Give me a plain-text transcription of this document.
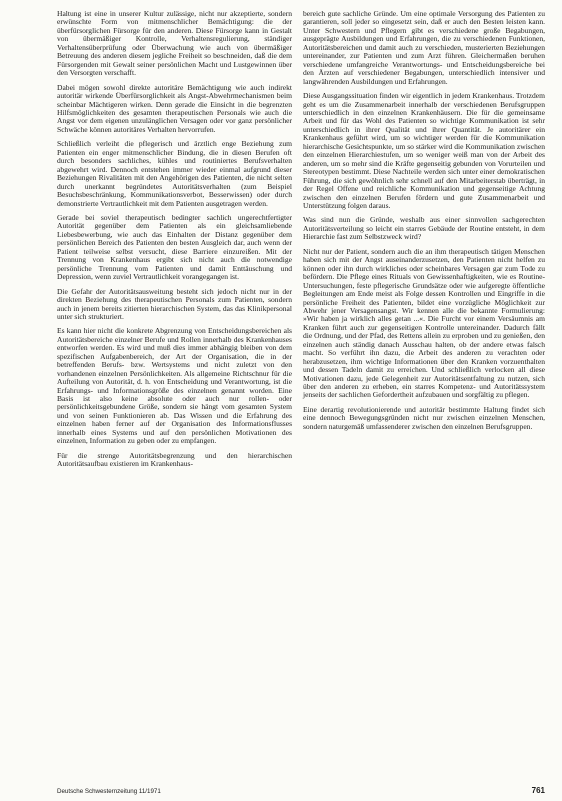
Haltung ist eine in unserer Kultur zulässige, nicht nur akzeptierte, sondern erwünschte Form von mitmenschlicher Bemächtigung: die der überfürsorglichen Fürsorge für den anderen. Diese Fürsorge kann in Gestalt von übermäßiger Kontrolle, Verhaltensregulierung, ständiger Verhaltensüberprüfung oder Überwachung wie auch von übermäßiger Betreuung des anderen diesem jegliche Freiheit so beschneiden, daß die dem Fürsorgenden mit Gewalt seiner persönlichen Macht und Lustgewinnen über den Versorgten verschafft.

Dabei mögen sowohl direkte autoritäre Bemächtigung wie auch indirekt autoritär wirkende Überfürsorglichkeit als Angst-Abwehrmechanismen beim scheinbar Mächtigeren wirken. Denn gerade die Einsicht in die begrenzten Hilfsmöglichkeiten des gesamten therapeutischen Personals wie auch die Angst vor dem eigenen unzulänglichen Versagen oder vor ganz persönlicher Schwäche können autoritäres Verhalten hervorrufen.

Schließlich verleiht die pflegerisch und ärztlich enge Beziehung zum Patienten ein enger mitmenschlicher Bindung, die in diesen Berufen oft durch besonders sachliches, kühles und routiniertes Berufsverhalten abgewehrt wird. Dennoch entstehen immer wieder einmal aufgrund dieser Beziehungen Rivalitäten mit den Angehörigen des Patienten, die nicht selten durch unerkannt begründetes Autoritätsverhalten (zum Beispiel Besuchsbeschränkung, Kommunikationsverbot, Besserwissen) oder durch demonstrierte Vertrautlichkeit mit dem Patienten ausgetragen werden.

Gerade bei soviel therapeutisch bedingter sachlich ungerechtfertigter Autorität gegenüber dem Patienten als ein gleichsamliebende Liebesbewerbung, wie auch das Einhalten der Distanz gegenüber dem persönlichen Bereich des Patienten den besten Ausgleich dar, auch wenn der Patient teilweise selbst versucht, diese Barriere einzureißen. Mit der Trennung von Krankenhaus ergibt sich nicht auch die notwendige persönliche Trennung vom Patienten und damit Enttäuschung und Depression, wenn zuviel Vertrautlichkeit vorangegangen ist.

Die Gefahr der Autoritätsausweitung besteht sich jedoch nicht nur in der direkten Beziehung des therapeutischen Personals zum Patienten, sondern auch in jenem bereits zitierten hierarchischen System, das das Klinikpersonal unter sich strukturiert.

Es kann hier nicht die konkrete Abgrenzung von Entscheidungsbereichen als Autoritätsbereiche einzelner Berufe und Rollen innerhalb des Krankenhauses entworfen werden. Es wird und muß dies immer abhängig bleiben von dem spezifischen Aufgabenbereich, der Art der Organisation, die in der betreffenden Berufs- bzw. Wertsystems und nicht zuletzt von den vorhandenen einzelnen Persönlichkeiten. Als allgemeine Richtschnur für die Aufteilung von Autorität, d. h. von Entscheidung und Verantwortung, ist die Erfahrungs- und Informationsgröße des einzelnen genannt worden. Eine Basis ist also keine absolute oder auch nur rollen- oder persönlichkeitsgebundene Größe, sondern sie hängt vom gesamten System und von seinen Funktionieren ab. Das Wissen und die Erfahrung des einzelnen haben ferner auf der Organisation des Informationsflusses innerhalb eines Systems und auf den persönlichen Motivationen des einzelnen, Information zu geben oder zu empfangen.

Für die strenge Autoritätsbegrenzung und den hierarchischen Autoritätsaufbau existieren im Krankenhaus-

bereich gute sachliche Gründe. Um eine optimale Versorgung des Patienten zu garantieren, soll jeder so eingesetzt sein, daß er auch den Besten leisten kann. Unter Schwestern und Pflegern gibt es verschiedene große Begabungen, ausgeprägte Ausbildungen und Erfahrungen, die zu verschiedenen Funktionen, Autoritätsbereichen und damit auch zu verschieden, musterierten Beziehungen untereinander, zur Patienten und zum Arzt führen. Gleichermaßen beruhen verschiedene umfangreiche Verantwortungs- und Entscheidungsbereiche bei den Ärzten auf verschiedener Begabungen, unterschiedlich intensiver und langwährenden Ausbildungen und Erfahrungen.

Diese Ausgangssituation finden wir eigentlich in jedem Krankenhaus. Trotzdem geht es um die Zusammenarbeit innerhalb der verschiedenen Berufsgruppen unterschiedlich in den einzelnen Krankenhäusern. Die für die gemeinsame Arbeit und für das Wohl des Patienten so wichtige Kommunikation ist sehr unterschiedlich in ihrer Qualität und ihrer Quantität. Je autoritärer ein Krankenhaus geführt wird, um so wichtiger werden für die Kommunikation hierarchische Gesichtspunkte, um so stärker wird die Kommunikation zwischen den einzelnen Hierarchiestufen, um so weniger weiß man von der Arbeit des anderen, um so mehr sind die Kräfte gegenseitig gebunden von Vorurteilen und Stereotypen bestimmt. Diese Nachteile werden sich unter einer demokratischen Führung, die sich gewöhnlich sehr schnell auf den Mitarbeiterstab überträgt, in der Regel Offene und reichliche Kommunikation und gegenseitige Achtung zwischen den einzelnen Berufen fördern und gute Zusammenarbeit und Unterstützung folgen daraus.

Was sind nun die Gründe, weshalb aus einer sinnvollen sachgerechten Autoritätsverteilung so leicht ein starres Gebäude der Routine entsteht, in dem Hierarchie fast zum Selbstzweck wird?

Nicht nur der Patient, sondern auch die an ihm therapeutisch tätigen Menschen haben sich mit der Angst auseinanderzusetzen, den Patienten nicht helfen zu können oder ihn durch wirkliches oder scheinbares Versagen gar zum Tode zu befördern. Die Pflege eines Rituals von Gewissenhaftigkeiten, wie es Routine-Untersuchungen, feste pflegerische Grundsätze oder wie aufgeregte öffentliche Begleitungen am Ende meist als Folge dessen Kontrollen und Eingriffe in die persönliche Freiheit des Patienten, bildet eine vorzügliche Möglichkeit zur Abwehr jener Versagensangst. Wir kennen alle die bekannte Formulierung: »Wir haben ja wirklich alles getan ...«. Die Furcht vor einem Versäumnis am Kranken führt auch zur gegenseitigen Kontrolle untereinander. Dadurch fällt die Ordnung, und der Pfad, des Rettens allein zu erproben und zu genießen, den einzelnen auch ständig danach Ausschau halten, ob der andere etwas falsch macht. So verführt ihn dazu, die Arbeit des anderen zu verachten oder herabzusetzen, ihm wichtige Informationen über den Kranken vorzuenthalten und dessen Tadeln damit zu erreichen. Und schließlich verlocken all diese Motivationen dazu, jede Gelegenheit zur Autoritätsentfaltung zu nutzen, sich über den anderen zu erheben, ein starres Kompetenz- und Autoritätssystem jenseits der sachlichen Gefordertheit aufzubauen und sorgfältig zu pflegen.

Eine derartig revolutionierende und autoritär bestimmte Haltung findet sich eine dennoch Bewegungsgründen nicht nur zwischen einzelnen Menschen, sondern naturgemäß umfassenderer zwischen den einzelnen Berufsgruppen.

Deutsche Schwesternzeitung 11/1971	761
